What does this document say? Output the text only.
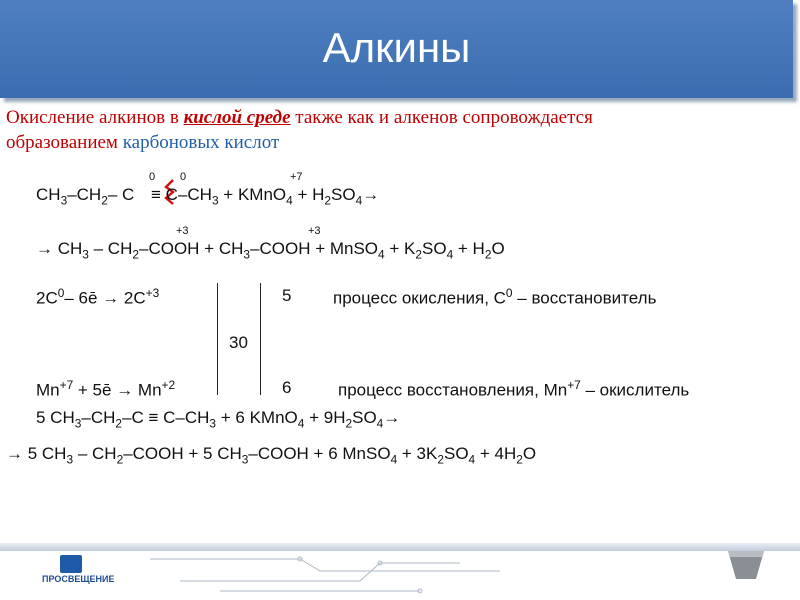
Алкины
Окисление алкинов в кислой среде также как и алкенов сопровождается
образованием карбоновых кислот
0 0	+7
$CH_3-CH_2-$ $C \equiv C-CH_3$ + KMnO$_4$ + $H_2SO_4\to$
+3	+3
→ $CH_3$ – $CH_2$–COOH + $CH_3$–COOH + MnSO$_4$ + $K_2SO_4 + H_2O$
$2C^0-$ 6ē → $2C^{+3}$	5 процесс окисления, $С^0$ – восстановитель
30
$Mn^{+7}$ + 5ē → $Mn^{+2}$	6	процесс восстановления, $Mn^{+7}$ – окислитель
5 $CH_3-CH_2-C \equiv C-CH_3 + 6$ KMnO$_4$ + $9H_2SO_4\to$
→ 5 $CH_3$ – $CH_2$–COOH + 5 $CH_3$–COOH + 6 MnSO$_4$ + $3K_2SO_4 + 4H_2O$
ПРОСВЕЩЕНИЕ
